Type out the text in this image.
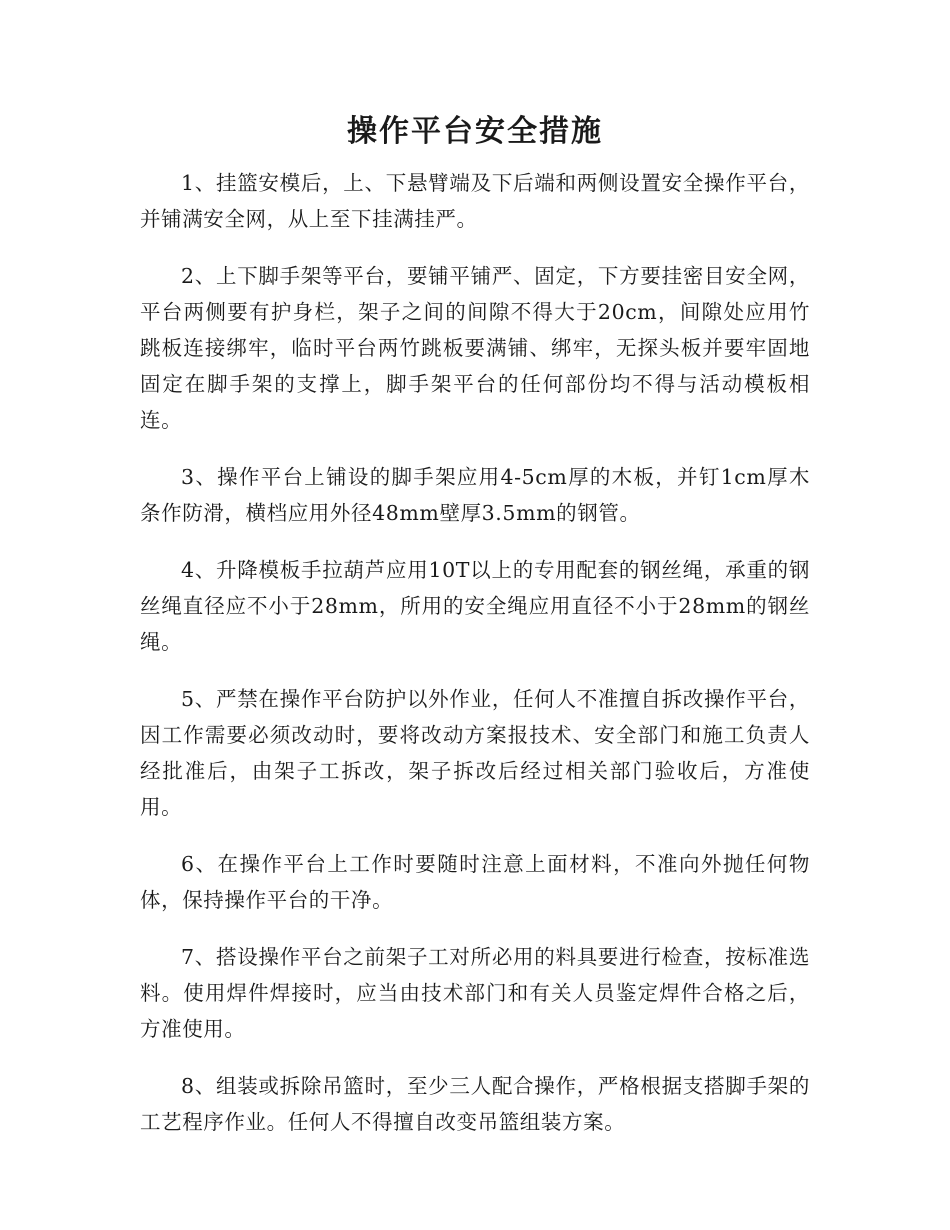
操作平台安全措施

1、挂篮安模后，上、下悬臂端及下后端和两侧设置安全操作平台，并铺满安全网，从上至下挂满挂严。

2、上下脚手架等平台，要铺平铺严、固定，下方要挂密目安全网，平台两侧要有护身栏，架子之间的间隙不得大于20cm，间隙处应用竹跳板连接绑牢，临时平台两竹跳板要满铺、绑牢，无探头板并要牢固地固定在脚手架的支撑上，脚手架平台的任何部份均不得与活动模板相连。

3、操作平台上铺设的脚手架应用4-5cm厚的木板，并钉1cm厚木条作防滑，横档应用外径48mm壁厚3.5mm的钢管。

4、升降模板手拉葫芦应用10T以上的专用配套的钢丝绳，承重的钢丝绳直径应不小于28mm，所用的安全绳应用直径不小于28mm的钢丝绳。

5、严禁在操作平台防护以外作业，任何人不准擅自拆改操作平台，因工作需要必须改动时，要将改动方案报技术、安全部门和施工负责人经批准后，由架子工拆改，架子拆改后经过相关部门验收后，方准使用。

6、在操作平台上工作时要随时注意上面材料，不准向外抛任何物体，保持操作平台的干净。

7、搭设操作平台之前架子工对所必用的料具要进行检查，按标准选料。使用焊件焊接时，应当由技术部门和有关人员鉴定焊件合格之后，方准使用。

8、组装或拆除吊篮时，至少三人配合操作，严格根据支搭脚手架的工艺程序作业。任何人不得擅自改变吊篮组装方案。
